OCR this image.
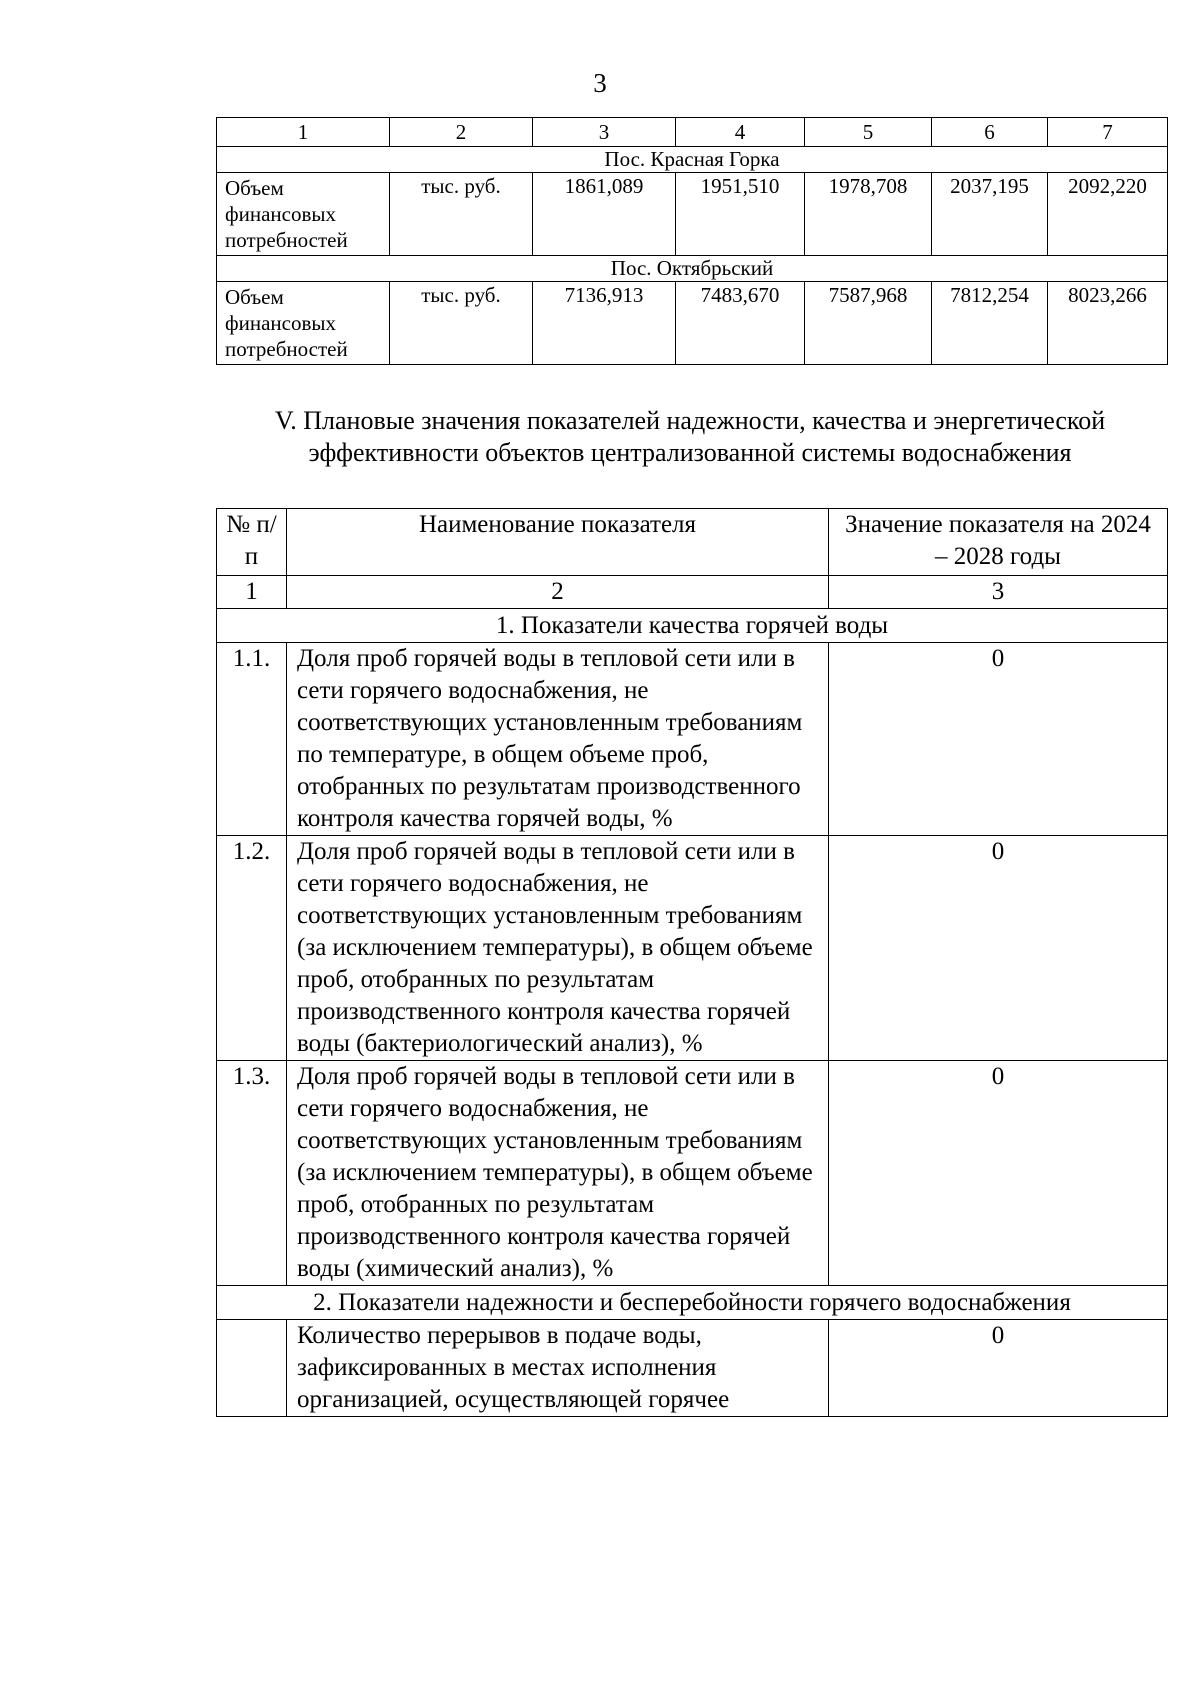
3
1	2	3	4	5	6	7
Пос. Красная Горка						
Объем финансовых потребностей	тыс. руб.	1861,089	1951,510	1978,708	2037,195	2092,220
Пос. Октябрьский						
Объем финансовых потребностей	тыс. руб.	7136,913	7483,670	7587,968	7812,254	8023,266
V. Плановые значения показателей надежности, качества и энергетической
эффективности объектов централизованной системы водоснабжения
№ п/п	Наименование показателя	Значение показателя на 2024 – 2028 годы
1	2	3
1. Показатели качества горячей воды		
1.1.	Доля проб горячей воды в тепловой сети или в сети горячего водоснабжения, не соответствующих установленным требованиям по температуре, в общем объеме проб, отобранных по результатам производственного контроля качества горячей воды, %	0
1.2.	Доля проб горячей воды в тепловой сети или в сети горячего водоснабжения, не соответствующих установленным требованиям (за исключением температуры), в общем объеме проб, отобранных по результатам производственного контроля качества горячей воды (бактериологический анализ), %	0
1.3.	Доля проб горячей воды в тепловой сети или в сети горячего водоснабжения, не соответствующих установленным требованиям (за исключением температуры), в общем объеме проб, отобранных по результатам производственного контроля качества горячей воды (химический анализ), %	0
2. Показатели надежности и бесперебойности горячего водоснабжения		
	Количество перерывов в подаче воды, зафиксированных в местах исполнения организацией, осуществляющей горячее	0
